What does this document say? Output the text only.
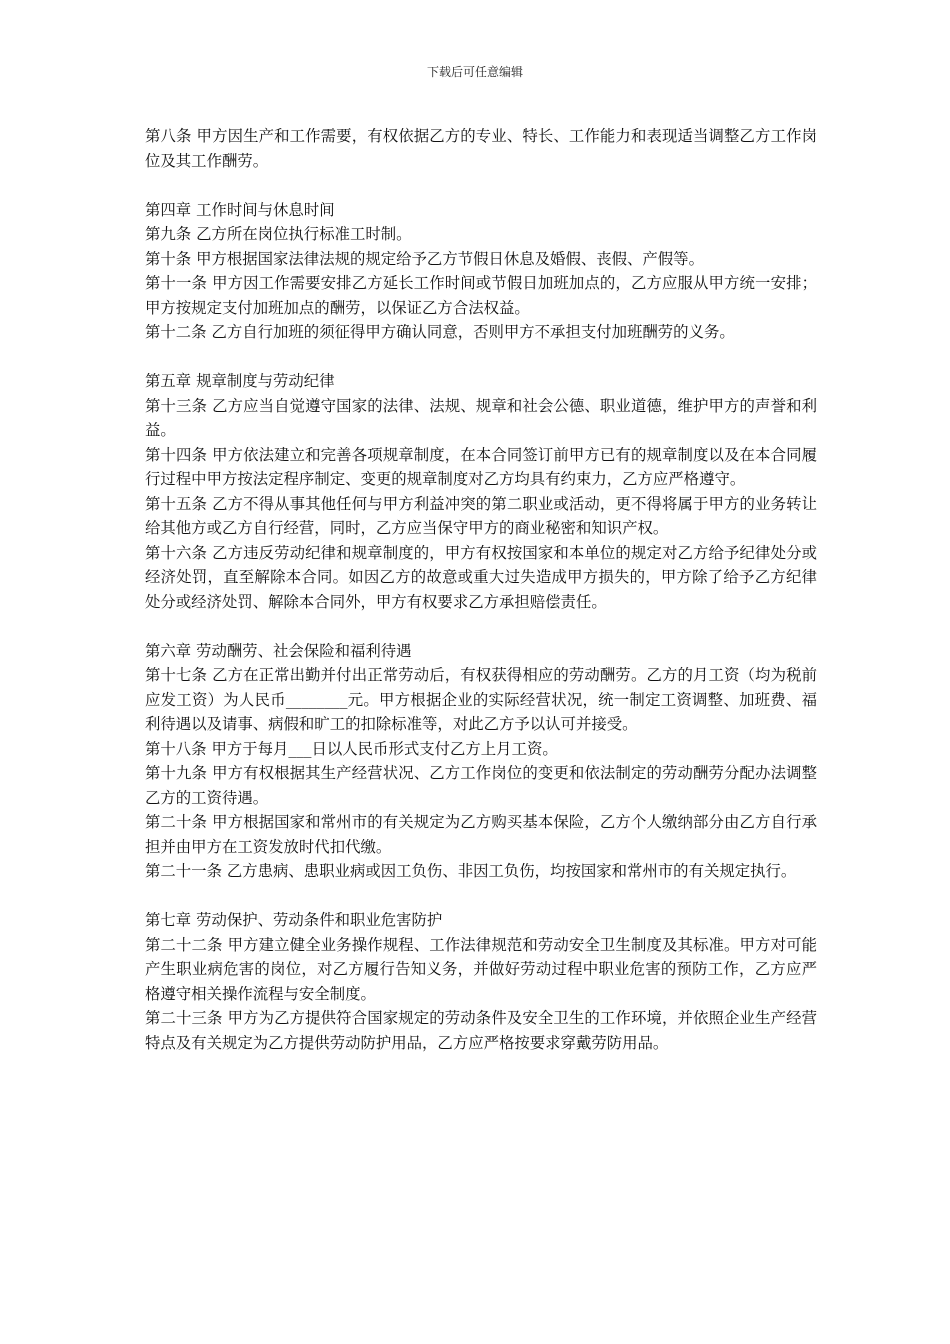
下载后可任意编辑

第八条 甲方因生产和工作需要，有权依据乙方的专业、特长、工作能力和表现适当调整乙方工作岗位及其工作酬劳。

第四章 工作时间与休息时间

第九条 乙方所在岗位执行标准工时制。

第十条 甲方根据国家法律法规的规定给予乙方节假日休息及婚假、丧假、产假等。

第十一条 甲方因工作需要安排乙方延长工作时间或节假日加班加点的，乙方应服从甲方统一安排；甲方按规定支付加班加点的酬劳，以保证乙方合法权益。

第十二条 乙方自行加班的须征得甲方确认同意，否则甲方不承担支付加班酬劳的义务。

第五章 规章制度与劳动纪律

第十三条 乙方应当自觉遵守国家的法律、法规、规章和社会公德、职业道德，维护甲方的声誉和利益。

第十四条 甲方依法建立和完善各项规章制度，在本合同签订前甲方已有的规章制度以及在本合同履行过程中甲方按法定程序制定、变更的规章制度对乙方均具有约束力，乙方应严格遵守。

第十五条 乙方不得从事其他任何与甲方利益冲突的第二职业或活动，更不得将属于甲方的业务转让给其他方或乙方自行经营，同时，乙方应当保守甲方的商业秘密和知识产权。

第十六条 乙方违反劳动纪律和规章制度的，甲方有权按国家和本单位的规定对乙方给予纪律处分或经济处罚，直至解除本合同。如因乙方的故意或重大过失造成甲方损失的，甲方除了给予乙方纪律处分或经济处罚、解除本合同外，甲方有权要求乙方承担赔偿责任。

第六章 劳动酬劳、社会保险和福利待遇

第十七条 乙方在正常出勤并付出正常劳动后，有权获得相应的劳动酬劳。乙方的月工资（均为税前应发工资）为人民币________元。甲方根据企业的实际经营状况，统一制定工资调整、加班费、福利待遇以及请事、病假和旷工的扣除标准等，对此乙方予以认可并接受。

第十八条 甲方于每月___日以人民币形式支付乙方上月工资。

第十九条 甲方有权根据其生产经营状况、乙方工作岗位的变更和依法制定的劳动酬劳分配办法调整乙方的工资待遇。

第二十条 甲方根据国家和常州市的有关规定为乙方购买基本保险，乙方个人缴纳部分由乙方自行承担并由甲方在工资发放时代扣代缴。

第二十一条 乙方患病、患职业病或因工负伤、非因工负伤，均按国家和常州市的有关规定执行。

第七章 劳动保护、劳动条件和职业危害防护

第二十二条 甲方建立健全业务操作规程、工作法律规范和劳动安全卫生制度及其标准。甲方对可能产生职业病危害的岗位，对乙方履行告知义务，并做好劳动过程中职业危害的预防工作，乙方应严格遵守相关操作流程与安全制度。

第二十三条 甲方为乙方提供符合国家规定的劳动条件及安全卫生的工作环境，并依照企业生产经营特点及有关规定为乙方提供劳动防护用品，乙方应严格按要求穿戴劳防用品。
